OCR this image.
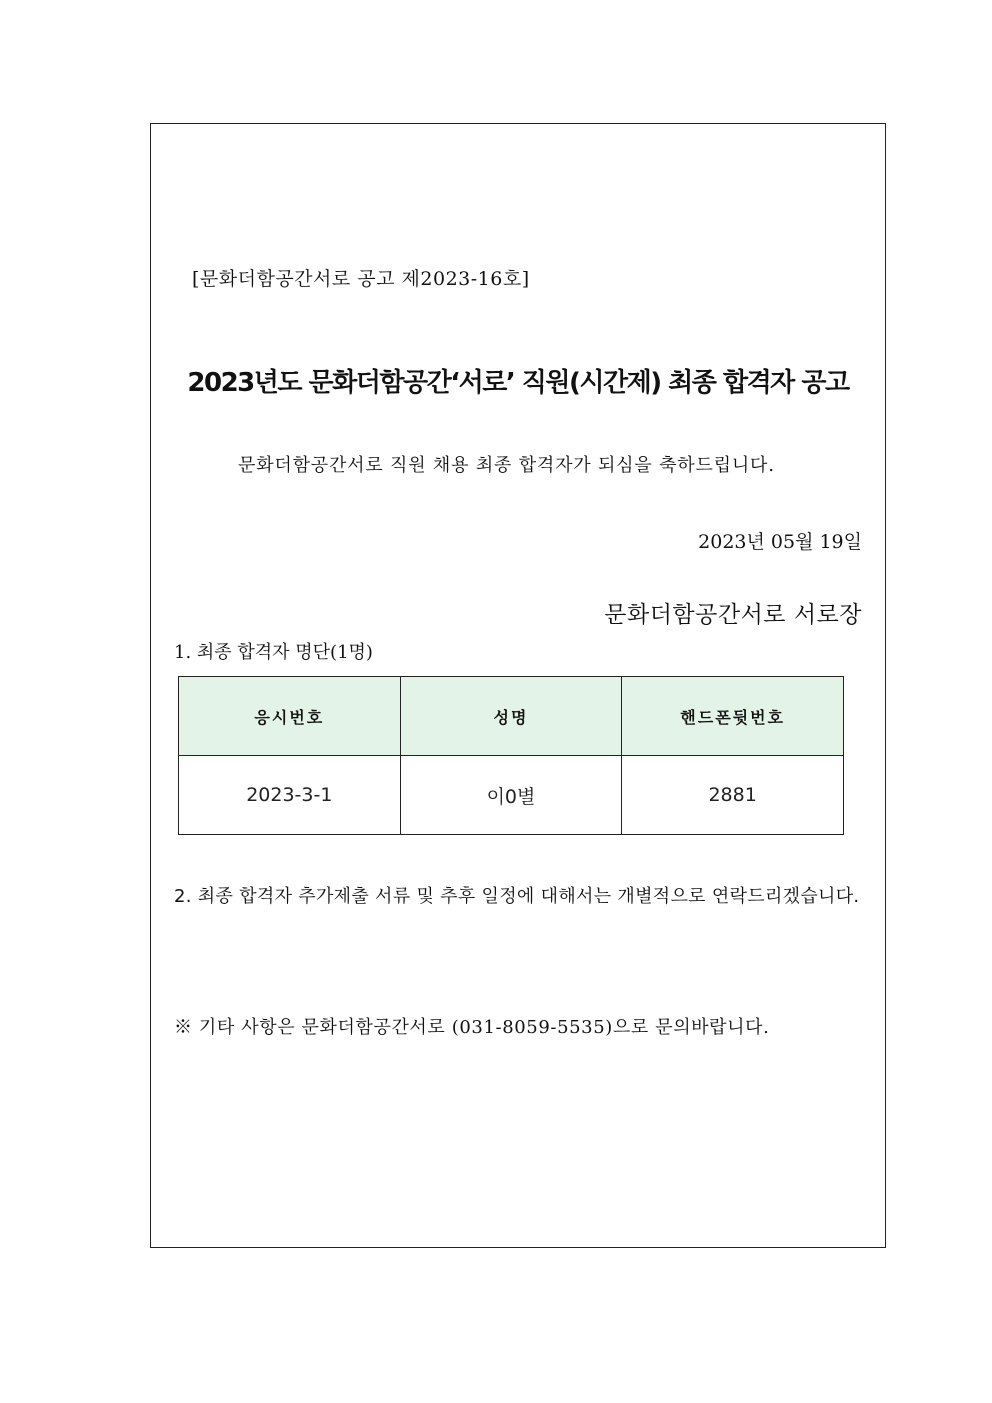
[문화더함공간서로 공고 제2023-16호]
2023년도 문화더함공간‘서로’ 직원(시간제) 최종 합격자 공고
문화더함공간서로 직원 채용 최종 합격자가 되심을 축하드립니다.
2023년 05월 19일
문화더함공간서로 서로장
1. 최종 합격자 명단(1명)
응시번호	성명	핸드폰뒷번호
2023-3-1	이0별	2881
2. 최종 합격자 추가제출 서류 및 추후 일정에 대해서는 개별적으로 연락드리겠습니다.
※ 기타 사항은 문화더함공간서로 (031-8059-5535)으로 문의바랍니다.
